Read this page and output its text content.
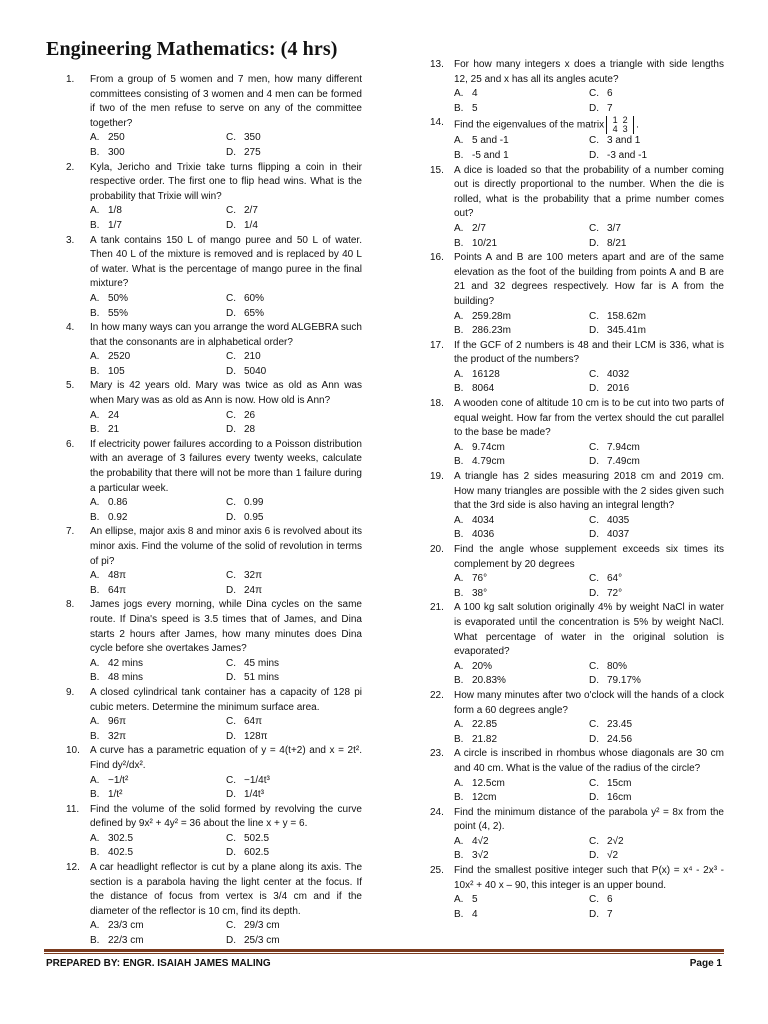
Engineering Mathematics: (4 hrs)
1.	From a group of 5 women and 7 men, how many different committees consisting of 3 women and 4 men can be formed if two of the men refuse to serve on any of the committee together?
A. 250	C. 350
B. 300	D. 275
2.	Kyla, Jericho and Trixie take turns flipping a coin in their respective order. The first one to flip head wins. What is the probability that Trixie will win?
A. 1/8	C. 2/7
B. 1/7	D. 1/4
3.	A tank contains 150 L of mango puree and 50 L of water. Then 40 L of the mixture is removed and is replaced by 40 L of water. What is the percentage of mango puree in the final mixture?
A. 50%	C. 60%
B. 55%	D. 65%
4.	In how many ways can you arrange the word ALGEBRA such that the consonants are in alphabetical order?
A. 2520	C. 210
B. 105	D. 5040
5.	Mary is 42 years old. Mary was twice as old as Ann was when Mary was as old as Ann is now. How old is Ann?
A. 24	C. 26
B. 21	D. 28
6.	If electricity power failures according to a Poisson distribution with an average of 3 failures every twenty weeks, calculate the probability that there will not be more than 1 failure during a particular week.
A. 0.86	C. 0.99
B. 0.92	D. 0.95
7.	An ellipse, major axis 8 and minor axis 6 is revolved about its minor axis. Find the volume of the solid of revolution in terms of pi?
A. 48π	C. 32π
B. 64π	D. 24π
8.	James jogs every morning, while Dina cycles on the same route. If Dina's speed is 3.5 times that of James, and Dina starts 2 hours after James, how many minutes does Dina cycle before she overtakes James?
A. 42 mins	C. 45 mins
B. 48 mins	D. 51 mins
9.	A closed cylindrical tank container has a capacity of 128 pi cubic meters. Determine the minimum surface area.
A. 96π	C. 64π
B. 32π	D. 128π
10.	A curve has a parametric equation of y = 4(t+2) and x = 2t². Find dy²/dx².
A. −1/t²	C. −1/4t³
B. 1/t²	D. 1/4t³
11.	Find the volume of the solid formed by revolving the curve defined by 9x² + 4y² = 36 about the line x + y = 6.
A. 302.5	C. 502.5
B. 402.5	D. 602.5
12.	A car headlight reflector is cut by a plane along its axis. The section is a parabola having the light center at the focus. If the distance of focus from vertex is 3/4 cm and if the diameter of the reflector is 10 cm, find its depth.
A. 23/3 cm	C. 29/3 cm
B. 22/3 cm	D. 25/3 cm
13.	For how many integers x does a triangle with side lengths 12, 25 and x has all its angles acute?
A. 4	C. 6
B. 5	D. 7
14.	Find the eigenvalues of the matrix 1 2
4 3 .
A. 5 and -1	C. 3 and 1
B. -5 and 1	D. -3 and -1
15.	A dice is loaded so that the probability of a number coming out is directly proportional to the number. When the die is rolled, what is the probability that a prime number comes out?
A. 2/7	C. 3/7
B. 10/21	D. 8/21
16.	Points A and B are 100 meters apart and are of the same elevation as the foot of the building from points A and B are 21 and 32 degrees respectively. How far is A from the building?
A. 259.28m	C. 158.62m
B. 286.23m	D. 345.41m
17.	If the GCF of 2 numbers is 48 and their LCM is 336, what is the product of the numbers?
A. 16128	C. 4032
B. 8064	D. 2016
18.	A wooden cone of altitude 10 cm is to be cut into two parts of equal weight. How far from the vertex should the cut parallel to the base be made?
A. 9.74cm	C. 7.94cm
B. 4.79cm	D. 7.49cm
19.	A triangle has 2 sides measuring 2018 cm and 2019 cm. How many triangles are possible with the 2 sides given such that the 3rd side is also having an integral length?
A. 4034	C. 4035
B. 4036	D. 4037
20.	Find the angle whose supplement exceeds six times its complement by 20 degrees
A. 76°	C. 64°
B. 38°	D. 72°
21.	A 100 kg salt solution originally 4% by weight NaCl in water is evaporated until the concentration is 5% by weight NaCl. What percentage of water in the original solution is evaporated?
A. 20%	C. 80%
B. 20.83%	D. 79.17%
22.	How many minutes after two o'clock will the hands of a clock form a 60 degrees angle?
A. 22.85	C. 23.45
B. 21.82	D. 24.56
23.	A circle is inscribed in rhombus whose diagonals are 30 cm and 40 cm. What is the value of the radius of the circle?
A. 12.5cm	C. 15cm
B. 12cm	D. 16cm
24.	Find the minimum distance of the parabola y² = 8x from the point (4, 2).
A. 4√2	C. 2√2
B. 3√2	D. √2
25.	Find the smallest positive integer such that P(x) = x⁴ - 2x³ - 10x² + 40 x – 90, this integer is an upper bound.
A. 5	C. 6
B. 4	D. 7
PREPARED BY: ENGR. ISAIAH JAMES MALING	Page 1
